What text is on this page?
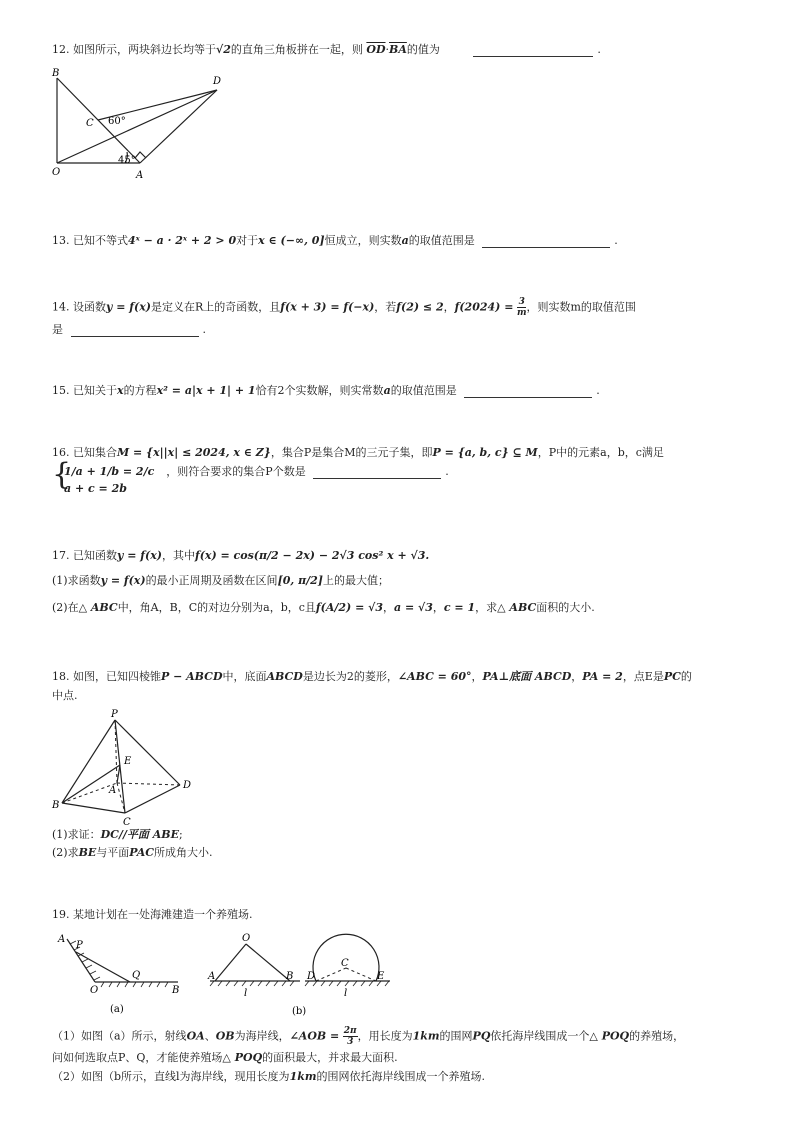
12. 如图所示，两块斜边长均等于√2的直角三角板拼在一起，则 $\overline{OD}\cdot\overline{BA}$的值为	.
B
D
C 60°
45°
O	A
13. 已知不等式4ˣ − a · 2ˣ + 2 > 0对于x ∈ (−∞, 0]恒成立，则实数a的取值范围是	.
14. 设函数y = f(x)是定义在R上的奇函数，且f(x + 3) = f(−x)，若f(2) ≤ 2，$f(2024) = \frac{3}{m}$ ，则实数m的取值范围
是	.
15. 已知关于x的方程x² = a|x + 1| + 1恰有2个实数解，则实常数a的取值范围是	.
16. 已知集合M = {x||x| ≤ 2024, x ∈ Z}，集合P是集合M的三元子集，即P = {a, b, c} ⊆ M，P中的元素a，b，c满足
{
1/a + 1/b = 2/c ，则符合要求的集合P个数是	.
a + c = 2b
17. 已知函数y = f(x)，其中f(x) = cos(π/2 − 2x) − 2√3 cos² x + √3.
(1)求函数y = f(x)的最小正周期及函数在区间[0, π/2]上的最大值；
(2)在△ ABC中，角A，B，C的对边分别为a，b，c且f(A/2) = √3，a = √3，c = 1，求△ ABC面积的大小.
18. 如图，已知四棱锥P − ABCD中，底面ABCD是边长为2的菱形，∠ABC = 60°，PA⊥底面 ABCD，PA = 2，点E是PC的
中点.
P
E
A	D
B
C
(1)求证：DC//平面 ABE;
(2)求BE与平面PAC所成角大小.
19. 某地计划在一处海滩建造一个养殖场.
A
P
Q
O	B
(a)
O
A	B
l
C
D	E
l
(b)
（1）如图（a）所示，射线OA、OB为海岸线，∠AOB = $\frac{2\pi}{3}$ ，用长度为1km的围网PQ依托海岸线围成一个△ POQ的养殖场，
问如何选取点P、Q，才能使养殖场△ POQ的面积最大，并求最大面积.
（2）如图（b所示，直线l为海岸线，现用长度为1km的围网依托海岸线围成一个养殖场.
